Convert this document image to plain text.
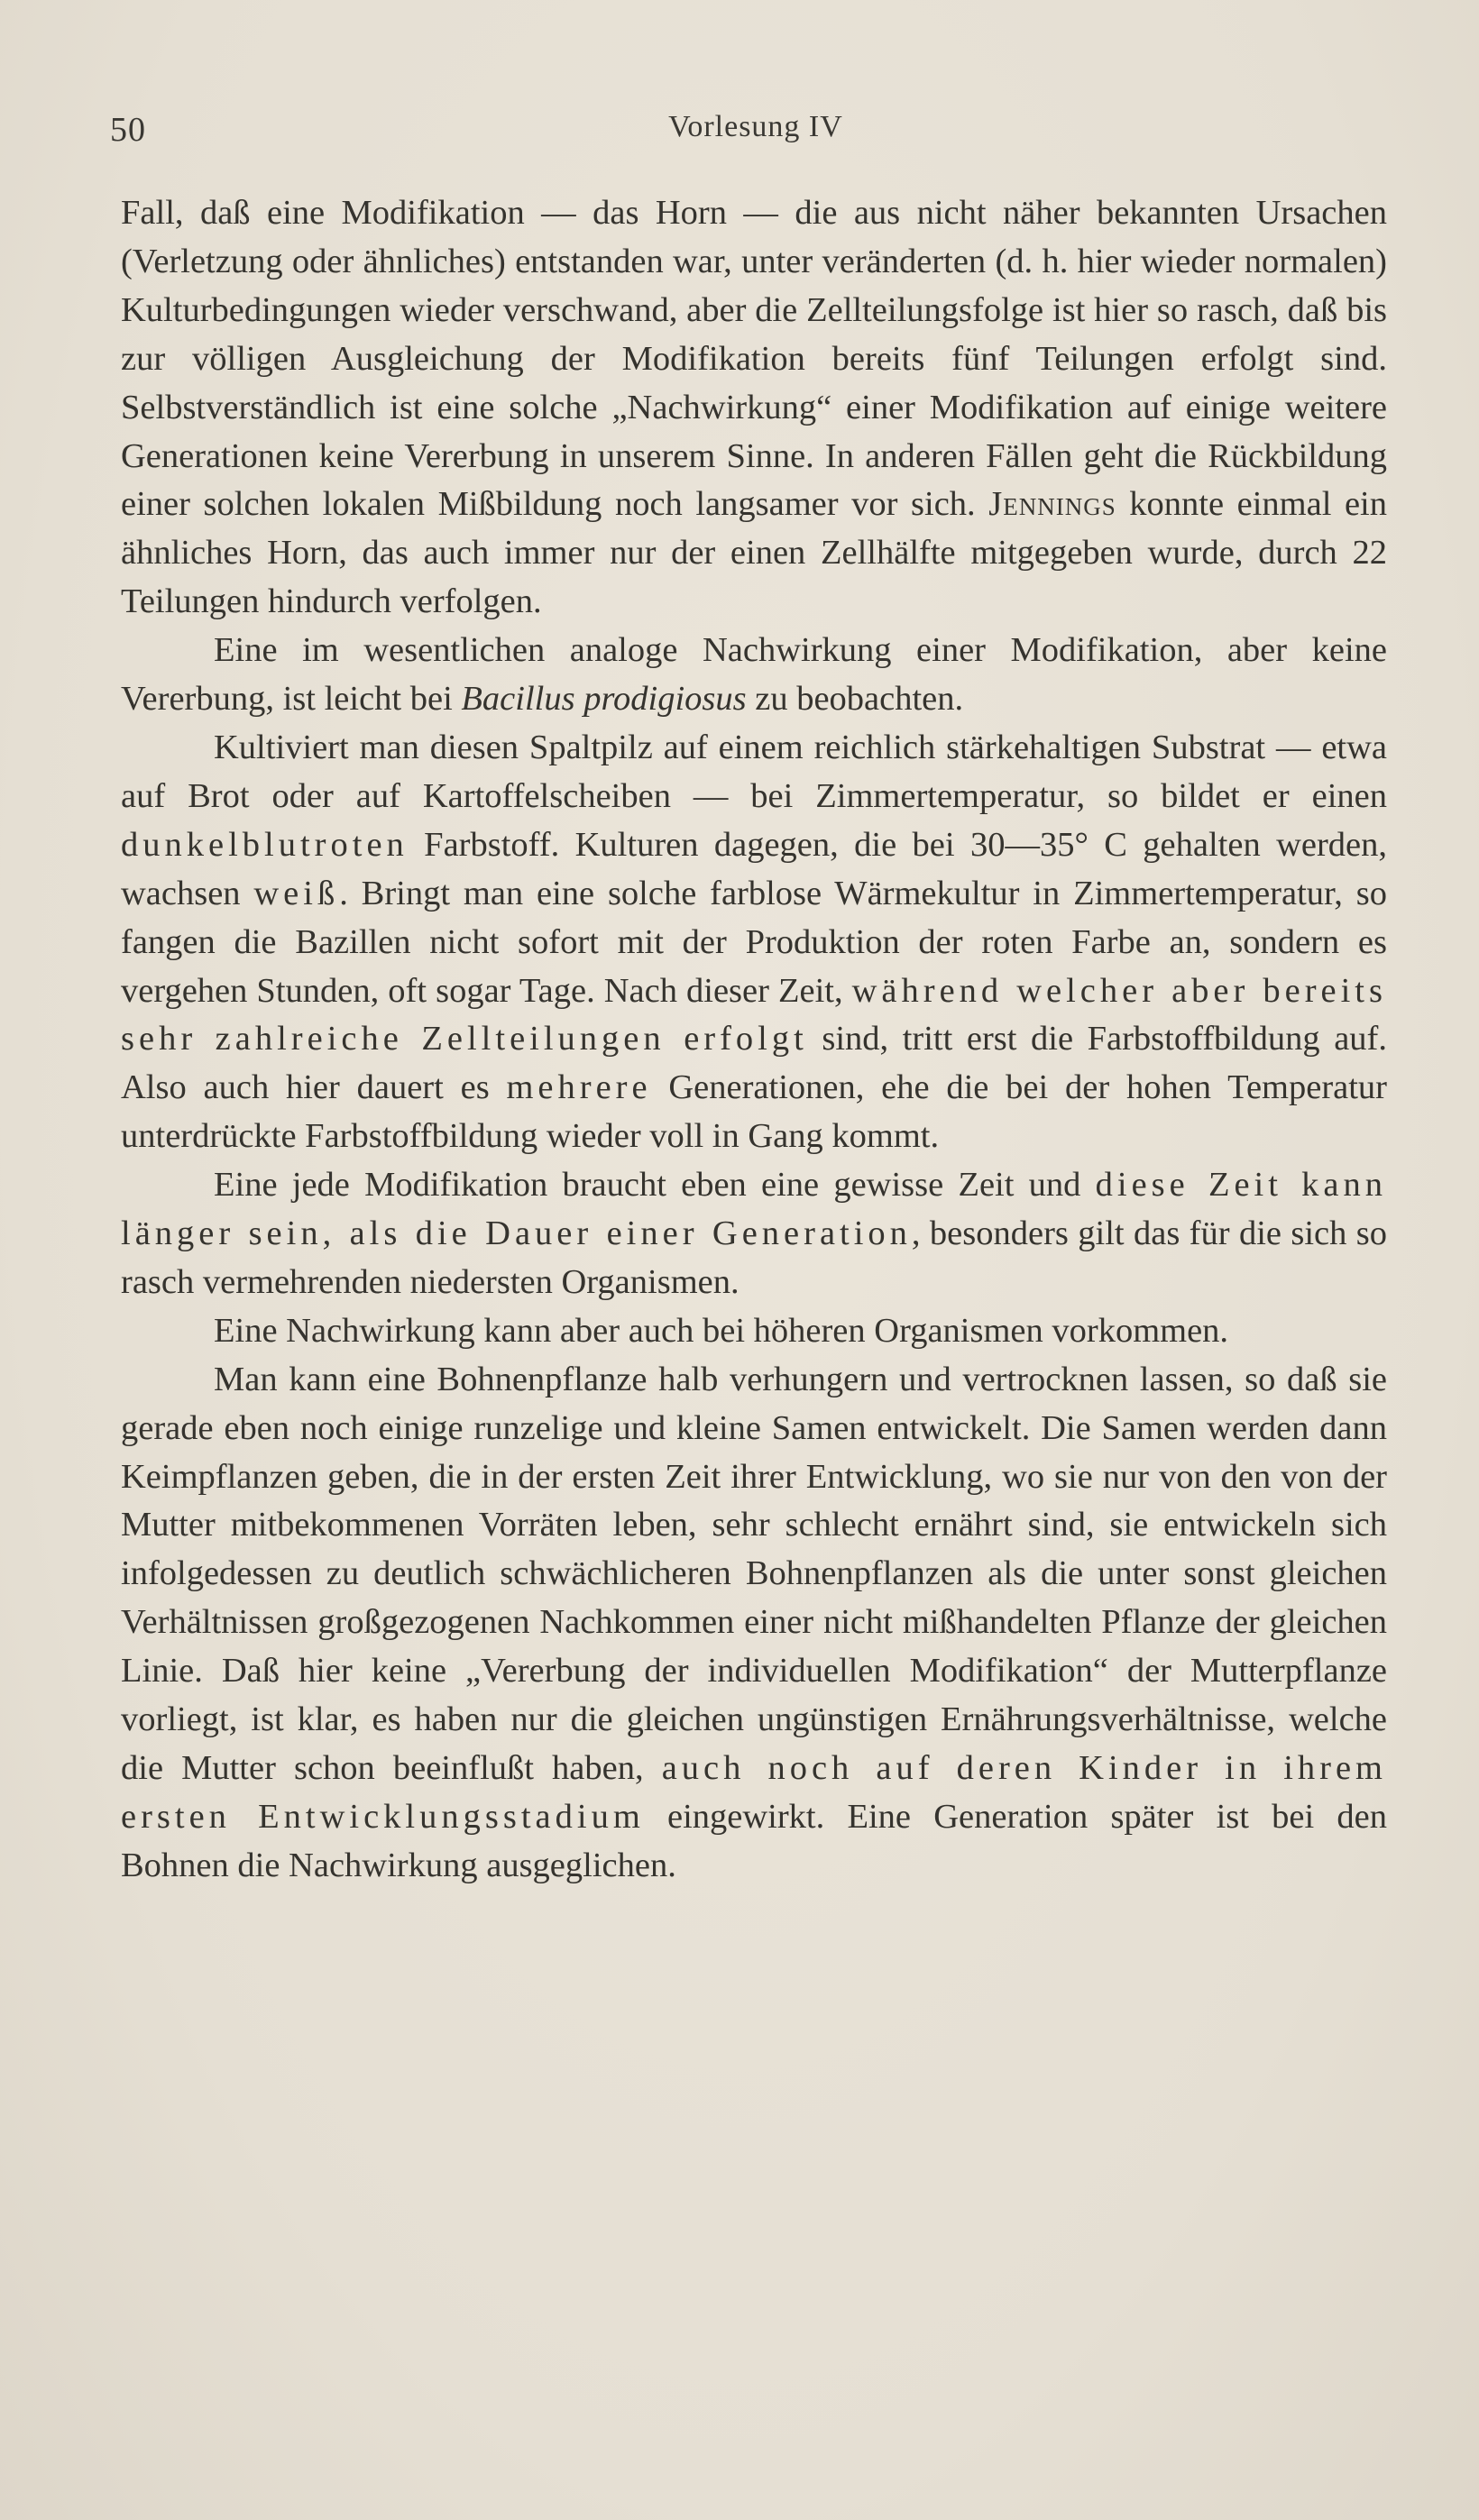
50	Vorlesung IV

Fall, daß eine Modifikation — das Horn — die aus nicht näher bekannten Ursachen (Verletzung oder ähnliches) entstanden war, unter veränderten (d. h. hier wieder normalen) Kulturbedingungen wieder verschwand, aber die Zellteilungsfolge ist hier so rasch, daß bis zur völligen Ausgleichung der Modifikation bereits fünf Teilungen erfolgt sind. Selbstverständlich ist eine solche „Nachwirkung“ einer Modifikation auf einige weitere Generationen keine Vererbung in unserem Sinne. In anderen Fällen geht die Rückbildung einer solchen lokalen Mißbildung noch langsamer vor sich. Jennings konnte einmal ein ähnliches Horn, das auch immer nur der einen Zellhälfte mitgegeben wurde, durch 22 Teilungen hindurch verfolgen.

Eine im wesentlichen analoge Nachwirkung einer Modifikation, aber keine Vererbung, ist leicht bei Bacillus prodigiosus zu beobachten.

Kultiviert man diesen Spaltpilz auf einem reichlich stärkehaltigen Substrat — etwa auf Brot oder auf Kartoffelscheiben — bei Zimmertemperatur, so bildet er einen dunkelblutroten Farbstoff. Kulturen dagegen, die bei 30—35° C gehalten werden, wachsen weiß. Bringt man eine solche farblose Wärmekultur in Zimmertemperatur, so fangen die Bazillen nicht sofort mit der Produktion der roten Farbe an, sondern es vergehen Stunden, oft sogar Tage. Nach dieser Zeit, während welcher aber bereits sehr zahlreiche Zellteilungen erfolgt sind, tritt erst die Farbstoffbildung auf. Also auch hier dauert es mehrere Generationen, ehe die bei der hohen Temperatur unterdrückte Farbstoffbildung wieder voll in Gang kommt.

Eine jede Modifikation braucht eben eine gewisse Zeit und diese Zeit kann länger sein, als die Dauer einer Generation, besonders gilt das für die sich so rasch vermehrenden niedersten Organismen.

Eine Nachwirkung kann aber auch bei höheren Organismen vorkommen.

Man kann eine Bohnenpflanze halb verhungern und vertrocknen lassen, so daß sie gerade eben noch einige runzelige und kleine Samen entwickelt. Die Samen werden dann Keimpflanzen geben, die in der ersten Zeit ihrer Entwicklung, wo sie nur von den von der Mutter mitbekommenen Vorräten leben, sehr schlecht ernährt sind, sie entwickeln sich infolgedessen zu deutlich schwächlicheren Bohnenpflanzen als die unter sonst gleichen Verhältnissen großgezogenen Nachkommen einer nicht mißhandelten Pflanze der gleichen Linie. Daß hier keine „Vererbung der individuellen Modifikation“ der Mutterpflanze vorliegt, ist klar, es haben nur die gleichen ungünstigen Ernährungsverhältnisse, welche die Mutter schon beeinflußt haben, auch noch auf deren Kinder in ihrem ersten Entwicklungsstadium eingewirkt. Eine Generation später ist bei den Bohnen die Nachwirkung ausgeglichen.
